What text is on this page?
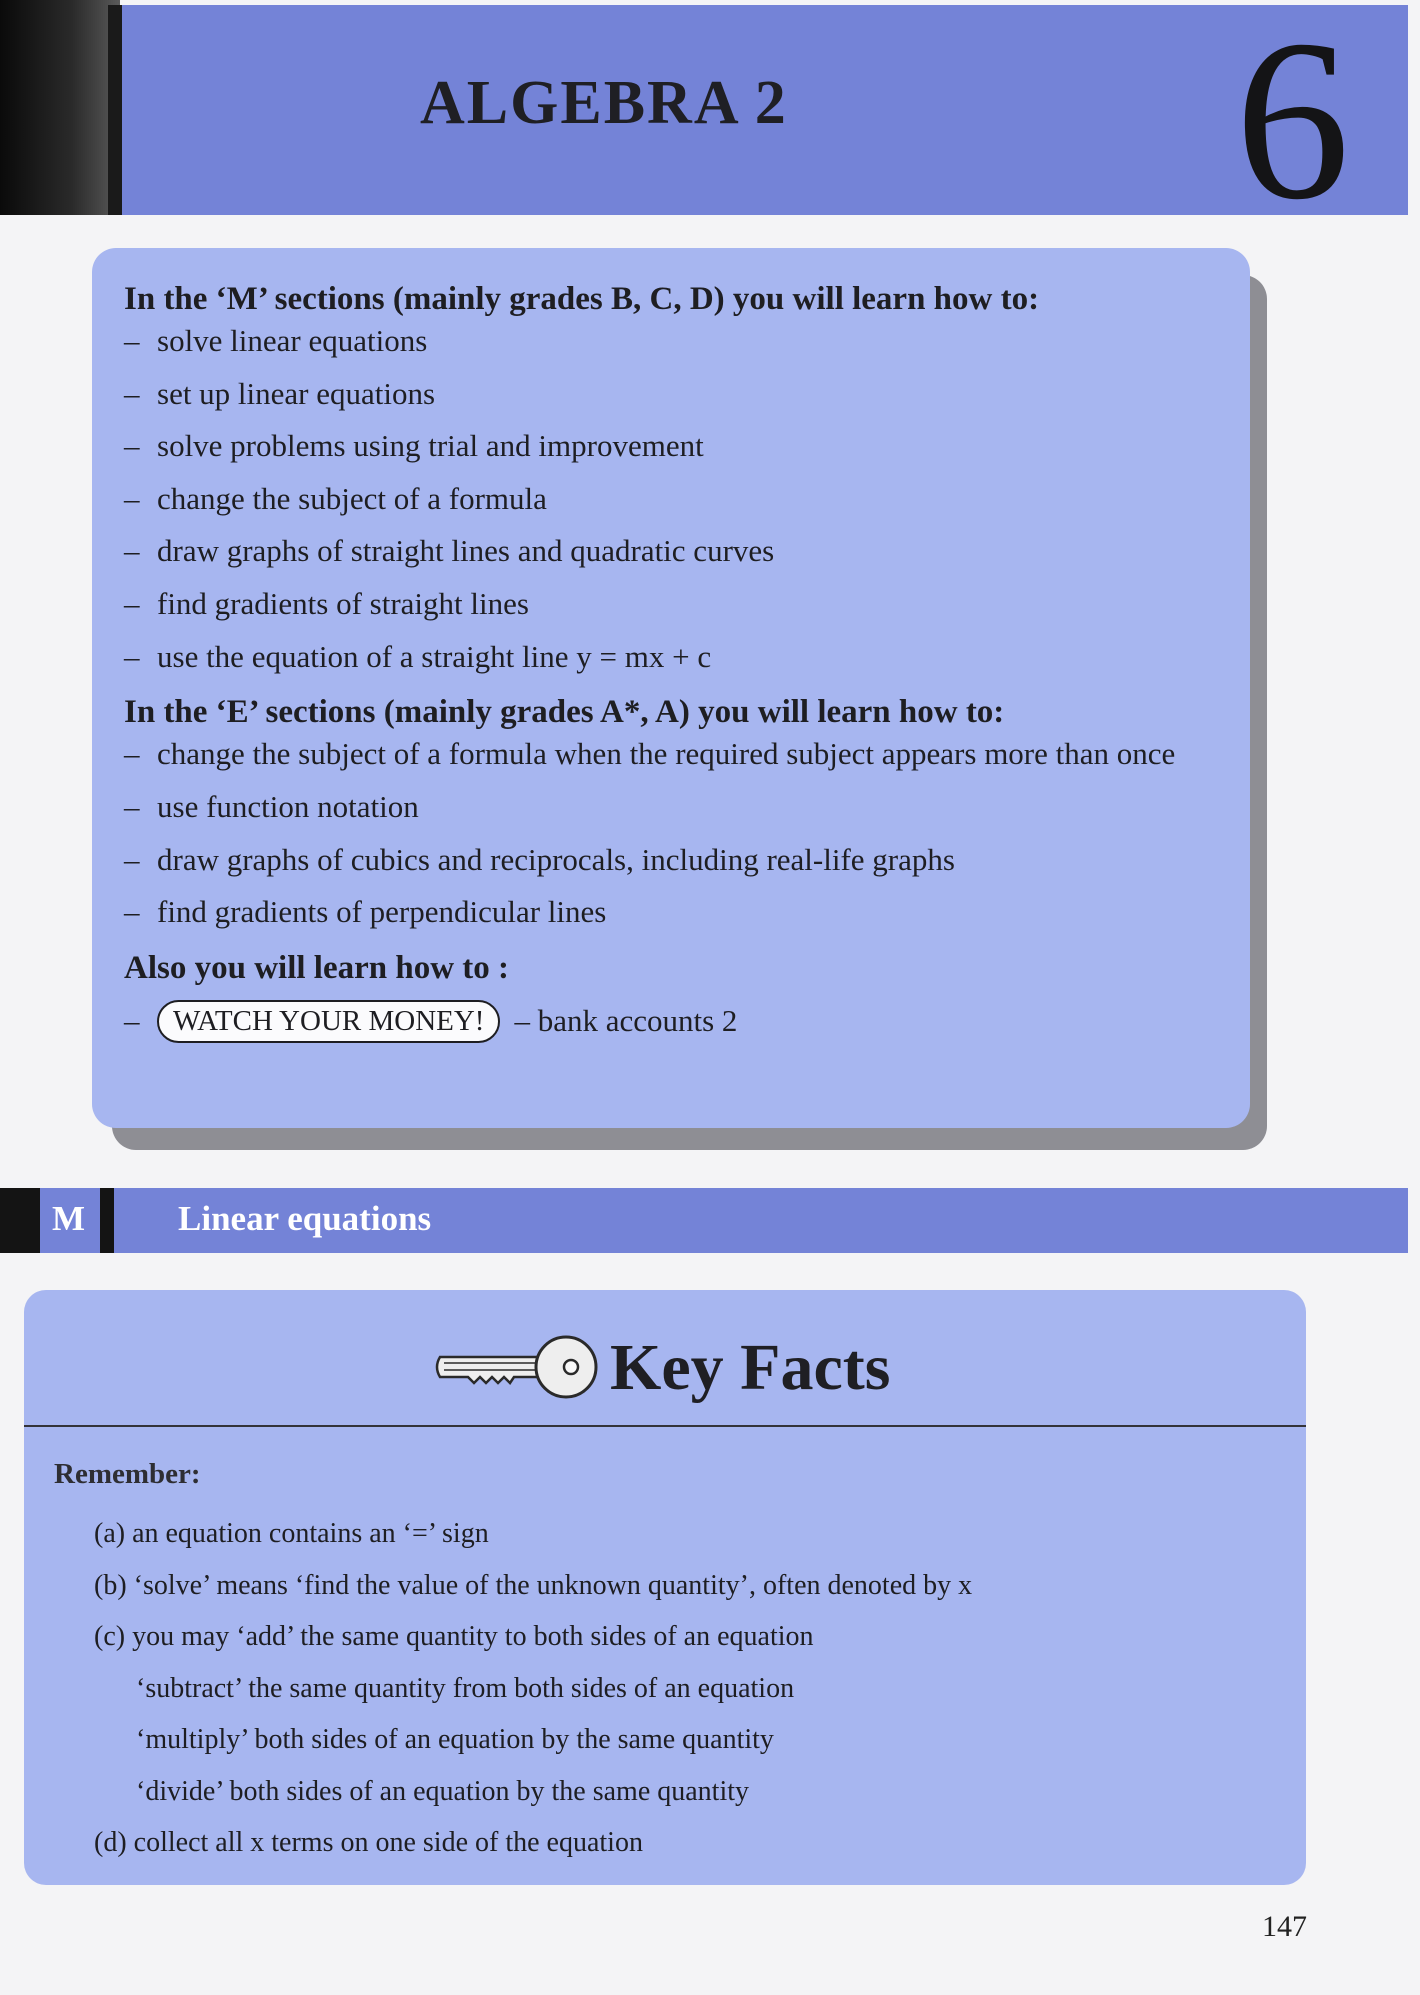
ALGEBRA 2 6

In the ‘M’ sections (mainly grades B, C, D) you will learn how to:

– solve linear equations
– set up linear equations
– solve problems using trial and improvement
– change the subject of a formula
– draw graphs of straight lines and quadratic curves
– find gradients of straight lines
– use the equation of a straight line y = mx + c

In the ‘E’ sections (mainly grades A*, A) you will learn how to:

– change the subject of a formula when the required subject appears more than once
– use function notation
– draw graphs of cubics and reciprocals, including real-life graphs
– find gradients of perpendicular lines

Also you will learn how to :

–	WATCH YOUR MONEY! – bank accounts 2
M	Linear equations
Key Facts
Remember:
(a) an equation contains an ‘=’ sign
(b) ‘solve’ means ‘find the value of the unknown quantity’, often denoted by x
(c) you may ‘add’ the same quantity to both sides of an equation
‘subtract’ the same quantity from both sides of an equation
‘multiply’ both sides of an equation by the same quantity
‘divide’ both sides of an equation by the same quantity
(d) collect all x terms on one side of the equation
147
